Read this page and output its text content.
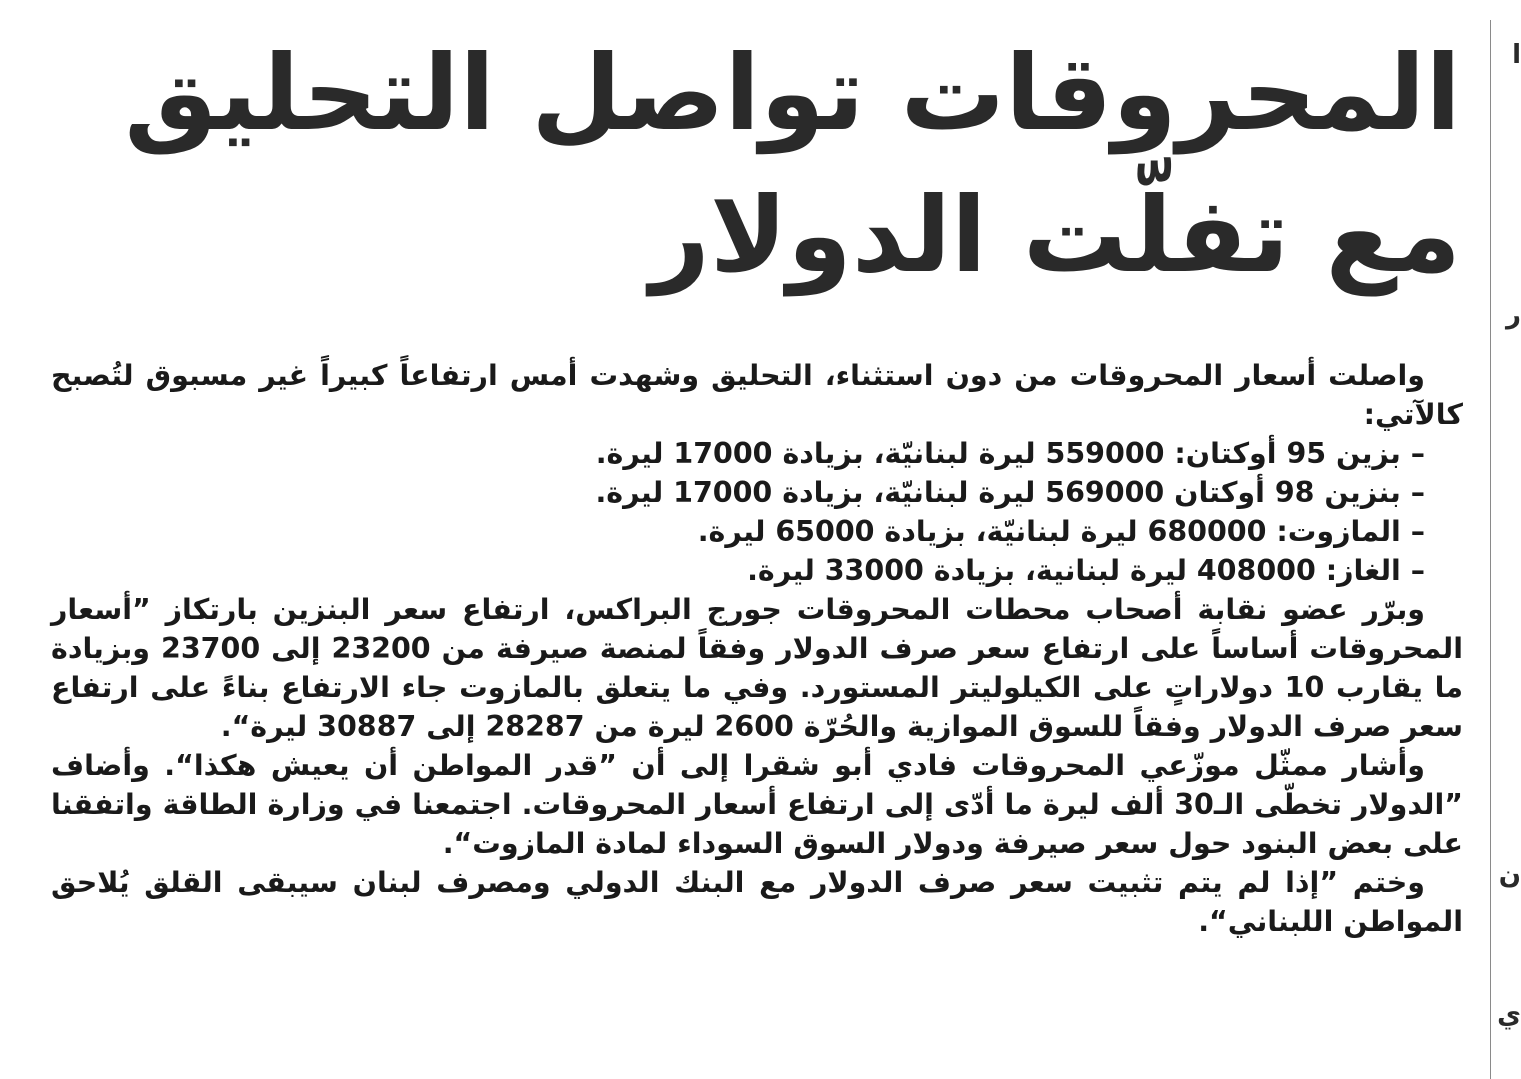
المحروقات تواصل التحليق
مع تفلّت الدولار

واصلت أسعار المحروقات من دون استثناء، التحليق وشهدت أمس ارتفاعاً كبيراً غير مسبوق لتُصبح كالآتي:

– بزين 95 أوكتان: 559000 ليرة لبنانيّة، بزيادة 17000 ليرة.
– بنزين 98 أوكتان 569000 ليرة لبنانيّة، بزيادة 17000 ليرة.
– المازوت: 680000 ليرة لبنانيّة، بزيادة 65000 ليرة.
– الغاز: 408000 ليرة لبنانية، بزيادة 33000 ليرة.

وبرّر عضو نقابة أصحاب محطات المحروقات جورج البراكس، ارتفاع سعر البنزين بارتكاز ”أسعار المحروقات أساساً على ارتفاع سعر صرف الدولار وفقاً لمنصة صيرفة من 23200 إلى 23700 وبزيادة ما يقارب 10 دولاراتٍ على الكيلوليتر المستورد. وفي ما يتعلق بالمازوت جاء الارتفاع بناءً على ارتفاع سعر صرف الدولار وفقاً للسوق الموازية والحُرّة 2600 ليرة من 28287 إلى 30887 ليرة“.

وأشار ممثّل موزّعي المحروقات فادي أبو شقرا إلى أن ”قدر المواطن أن يعيش هكذا“. وأضاف ”الدولار تخطّى الـ30 ألف ليرة ما أدّى إلى ارتفاع أسعار المحروقات. اجتمعنا في وزارة الطاقة واتفقنا على بعض البنود حول سعر صيرفة ودولار السوق السوداء لمادة المازوت“.

وختم ”إذا لم يتم تثبيت سعر صرف الدولار مع البنك الدولي ومصرف لبنان سيبقى القلق يُلاحق المواطن اللبناني“.

ا
ر
ن
ي
